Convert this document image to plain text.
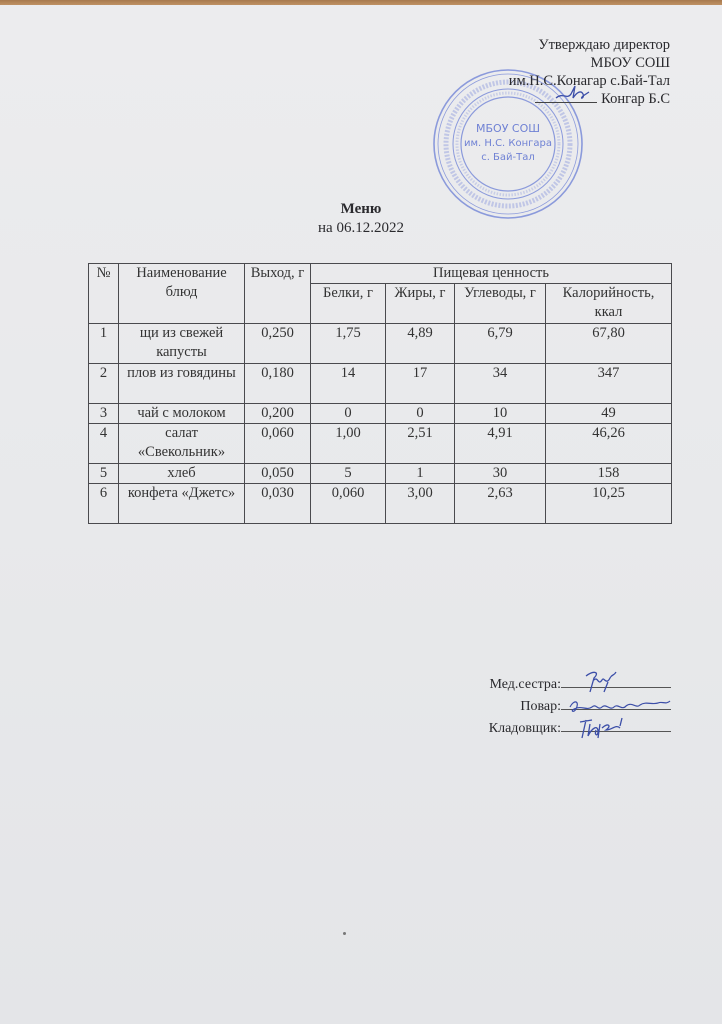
МБОУ СОШ
им. Н.С. Конгара
с. Бай-Тал
Утверждаю директор
МБОУ СОШ
им.Н.С.Конагар с.Бай-Тал
Конгар Б.С
Меню
на 06.12.2022
№	Наименование блюд	Выход, г	Пищевая ценность			
			Белки, г	Жиры, г	Углеводы, г	Калорийность, ккал
1	щи из свежей капусты	0,250	1,75	4,89	6,79	67,80
2	плов из говядины	0,180	14	17	34	347
3	чай с молоком	0,200	0	0	10	49
4	салат «Свекольник»	0,060	1,00	2,51	4,91	46,26
5	хлеб	0,050	5	1	30	158
6	конфета «Джетс»	0,030	0,060	3,00	2,63	10,25
Мед.сестра:
Повар:
Кладовщик:
